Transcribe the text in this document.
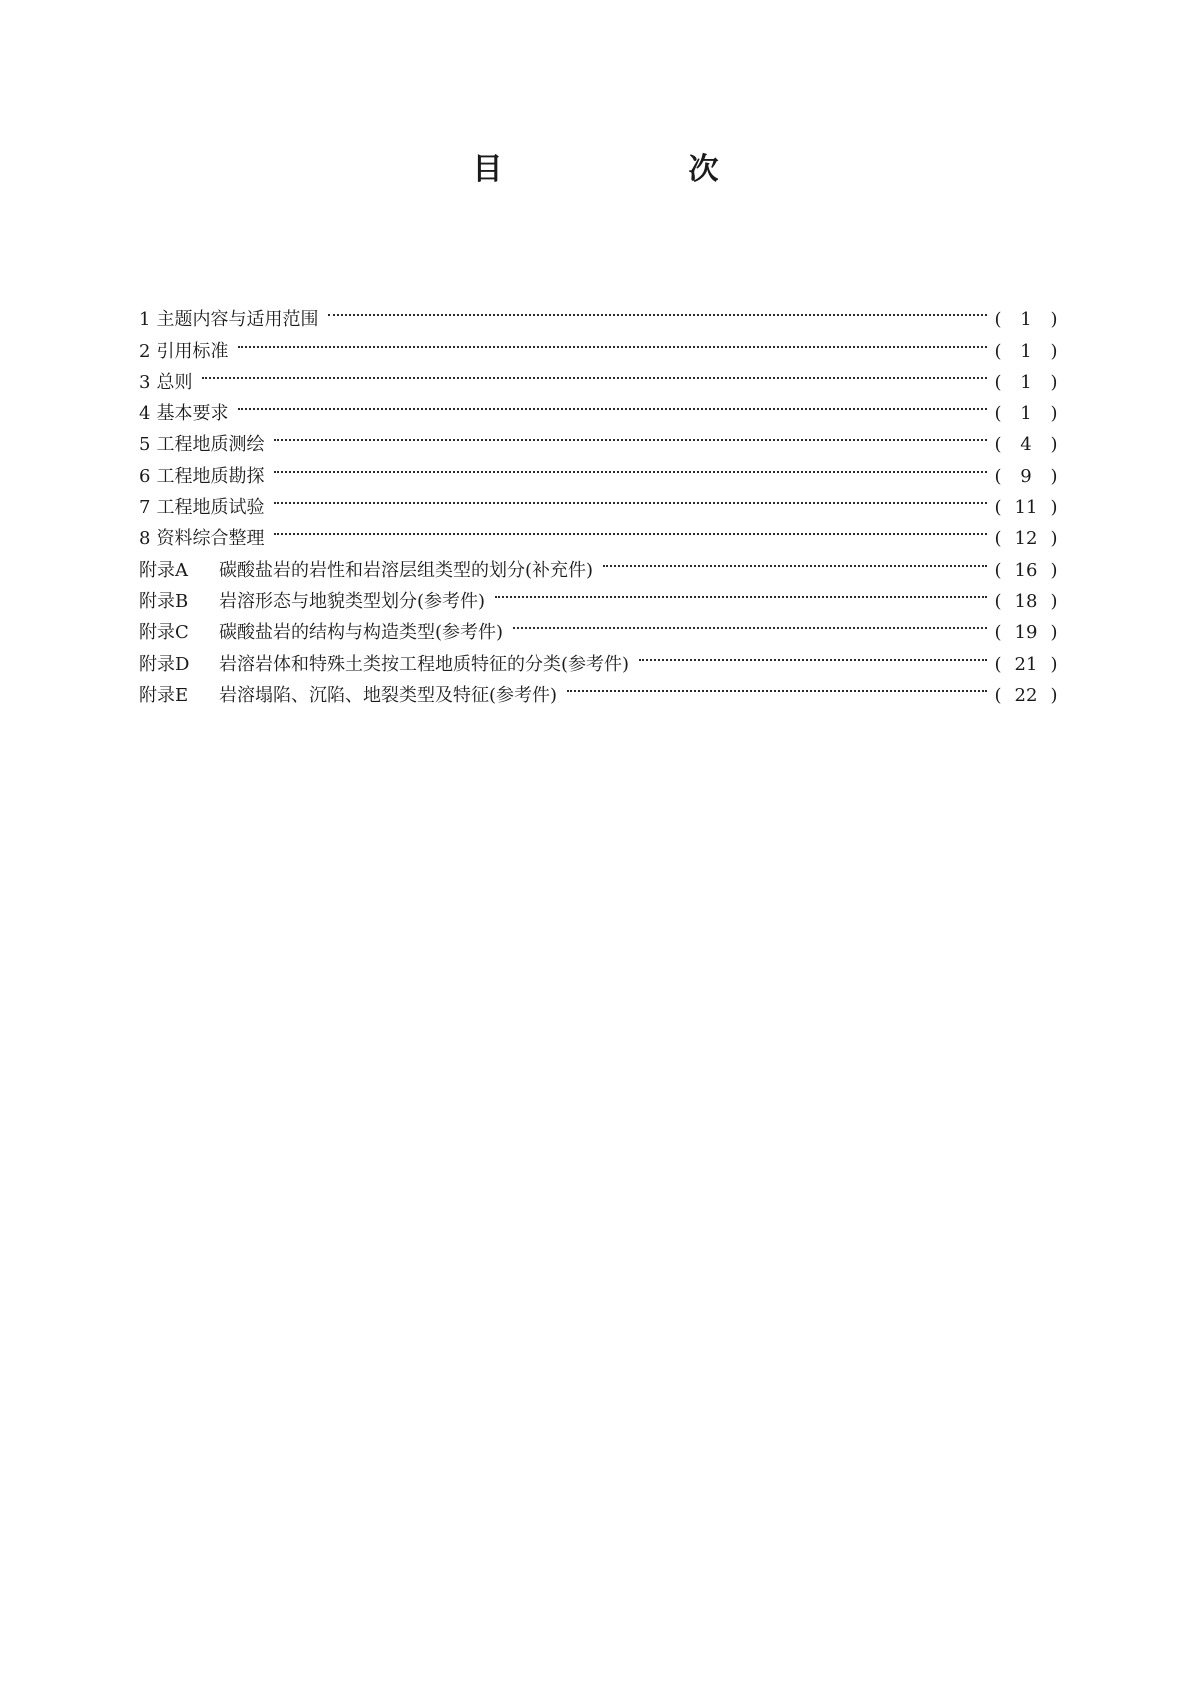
目　次
1 主题内容与适用范围	(	1	)
2 引用标准	(	1	)
3 总则	(	1	)
4 基本要求	(	1	)
5 工程地质测绘	(	4	)
6 工程地质勘探	(	9	)
7 工程地质试验	( 11 )
8 资料综合整理	( 12 )
附录A	碳酸盐岩的岩性和岩溶层组类型的划分(补充件)	( 16 )
附录B	岩溶形态与地貌类型划分(参考件)	( 18 )
附录C	碳酸盐岩的结构与构造类型(参考件)	( 19 )
附录D	岩溶岩体和特殊土类按工程地质特征的分类(参考件)	( 21 )
附录E	岩溶塌陷、沉陷、地裂类型及特征(参考件)	( 22 )
